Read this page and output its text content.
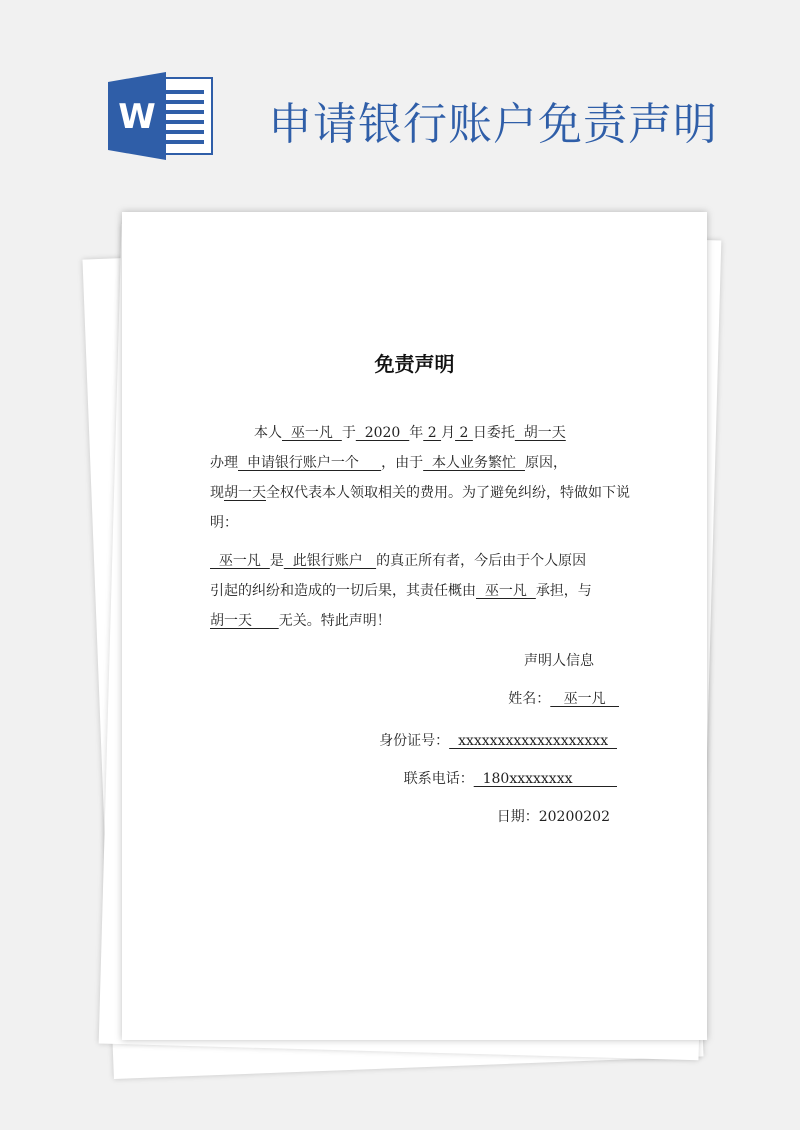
W	申请银行账户免责声明
免责声明
本人  巫一凡  于  2020  年 2 月 2 日委托  胡一天
办理  申请银行账户一个     ，由于  本人业务繁忙  原因，
现胡一天全权代表本人领取相关的费用。为了避免纠纷，特做如下说
明：
巫一凡  是  此银行账户   的真正所有者，今后由于个人原因
引起的纠纷和造成的一切后果，其责任概由  巫一凡  承担，与
胡一天      无关。特此声明！
声明人信息
姓名：   巫一凡
身份证号：  xxxxxxxxxxxxxxxxxxx
联系电话：  180xxxxxxxx
日期：20200202
